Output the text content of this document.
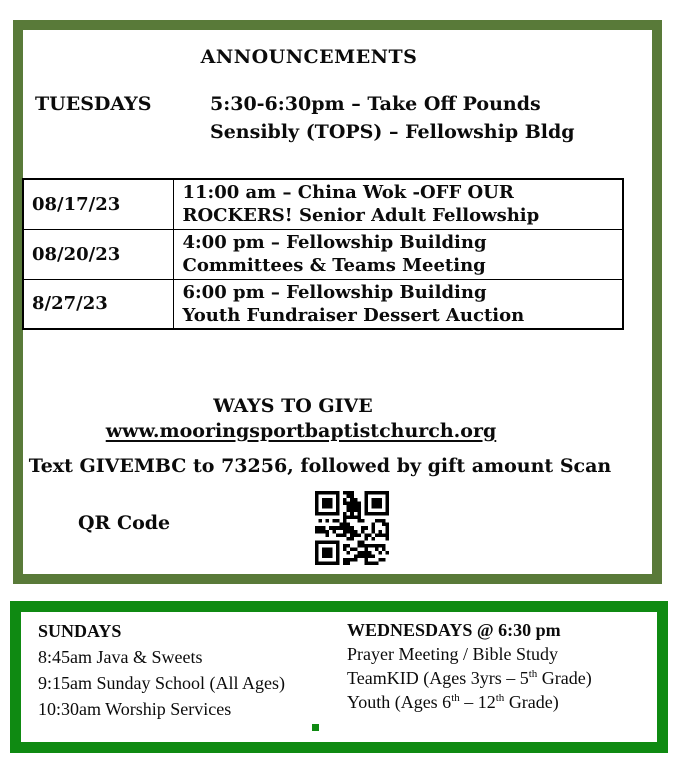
ANNOUNCEMENTS
TUESDAYS	5:30-6:30pm – Take Off Pounds
Sensibly (TOPS) – Fellowship Bldg
08/17/23	11:00 am – China Wok -OFF OUR
ROCKERS! Senior Adult Fellowship

08/20/23	4:00 pm – Fellowship Building
Committees & Teams Meeting

8/27/23	6:00 pm – Fellowship Building
Youth Fundraiser Dessert Auction
WAYS TO GIVE
www.mooringsportbaptistchurch.org
Text GIVEMBC to 73256, followed by gift amount Scan
QR Code
SUNDAYS
8:45am Java & Sweets
9:15am Sunday School (All Ages)
10:30am Worship Services
WEDNESDAYS @ 6:30 pm
Prayer Meeting / Bible Study
TeamKID (Ages 3yrs – 5th Grade)
Youth (Ages 6th – 12th Grade)
